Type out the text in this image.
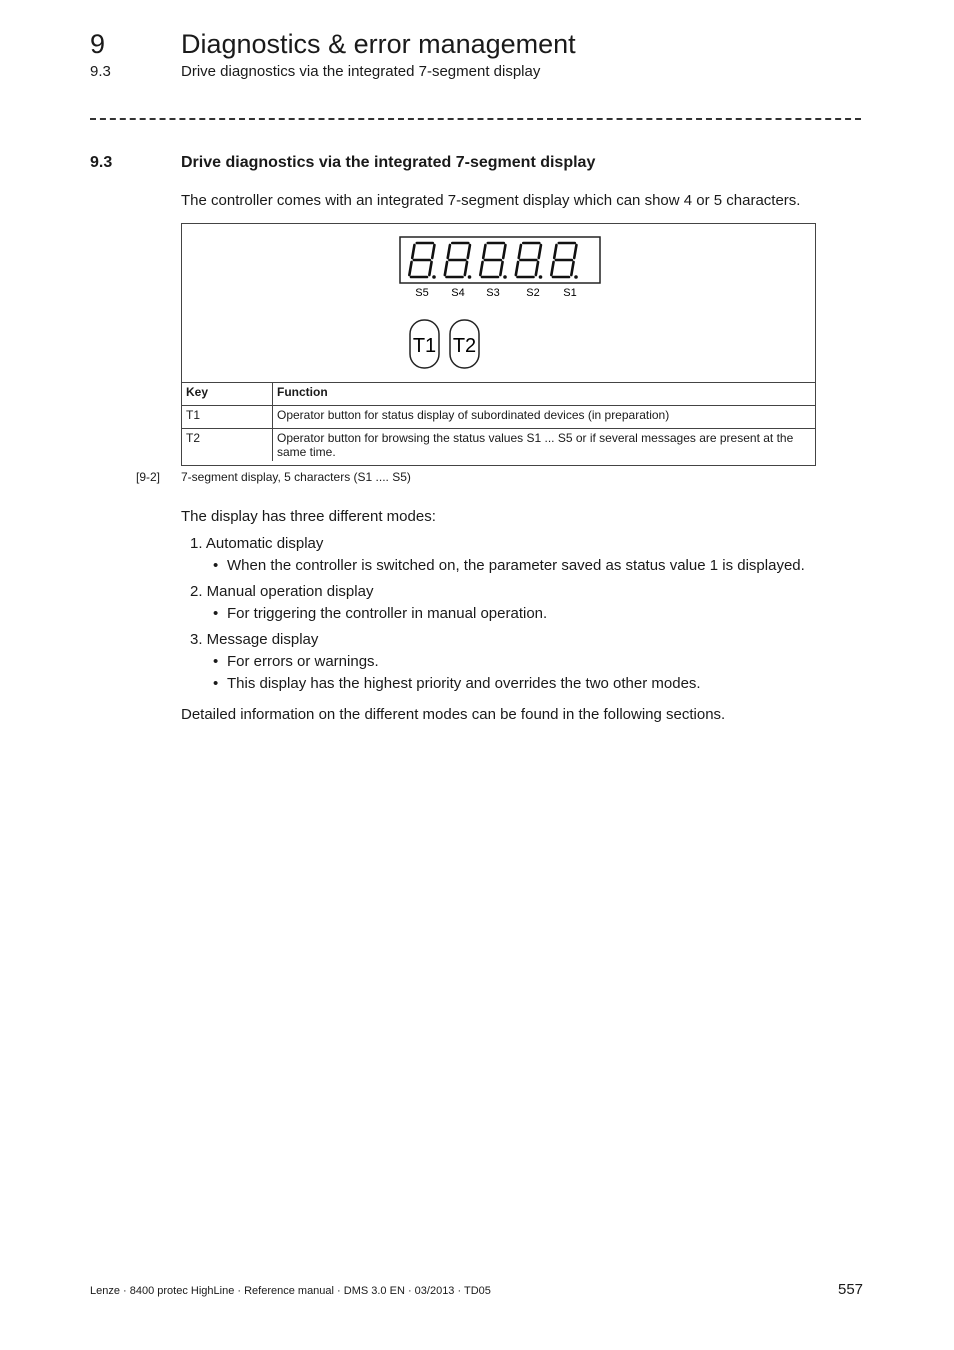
9	Diagnostics & error management
9.3	Drive diagnostics via the integrated 7-segment display
9.3	Drive diagnostics via the integrated 7-segment display
The controller comes with an integrated 7-segment display which can show 4 or 5 characters.
S5 S4 S3 S2 S1
T1 T2
Key	Function
T1	Operator button for status display of subordinated devices (in preparation)
T2	Operator button for browsing the status values S1 ... S5 or if several messages are present at the same time.
[9-2] 7-segment display, 5 characters (S1 .... S5)
The display has three different modes:
1. Automatic display
• When the controller is switched on, the parameter saved as status value 1 is displayed.
2. Manual operation display
• For triggering the controller in manual operation.
3. Message display
• For errors or warnings.
• This display has the highest priority and overrides the two other modes.
Detailed information on the different modes can be found in the following sections.
Lenze · 8400 protec HighLine · Reference manual · DMS 3.0 EN · 03/2013 · TD05	557
